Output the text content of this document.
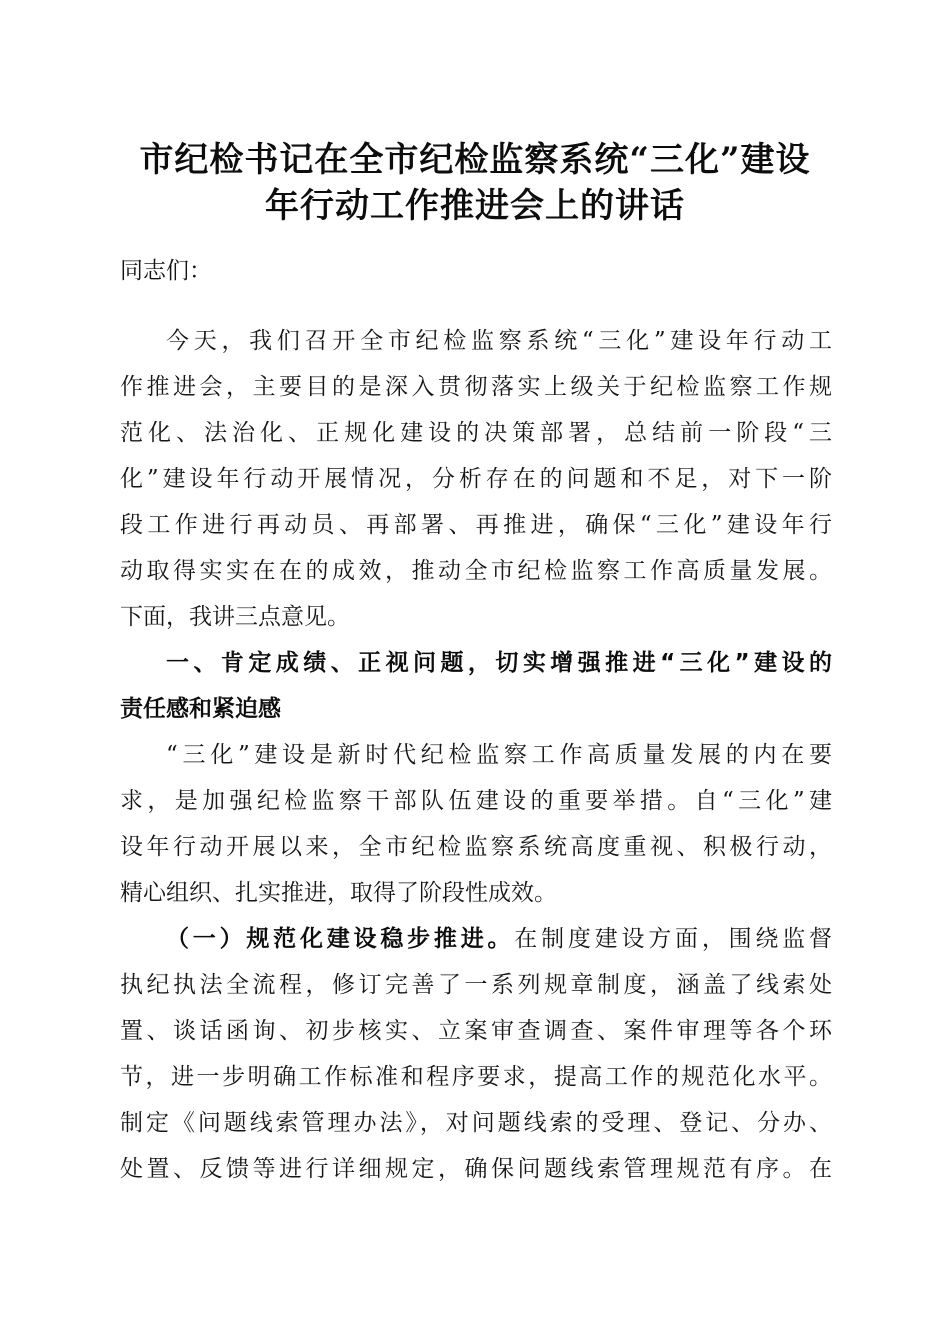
市纪检书记在全市纪检监察系统“三化”建设
年行动工作推进会上的讲话
同志们：
今天，我们召开全市纪检监察系统“三化”建设年行动工
作推进会，主要目的是深入贯彻落实上级关于纪检监察工作规
范化、法治化、正规化建设的决策部署，总结前一阶段“三
化”建设年行动开展情况，分析存在的问题和不足，对下一阶
段工作进行再动员、再部署、再推进，确保“三化”建设年行
动取得实实在在的成效，推动全市纪检监察工作高质量发展。
下面，我讲三点意见。
一、肯定成绩、正视问题，切实增强推进“三化”建设的
责任感和紧迫感
“三化”建设是新时代纪检监察工作高质量发展的内在要
求，是加强纪检监察干部队伍建设的重要举措。自“三化”建
设年行动开展以来，全市纪检监察系统高度重视、积极行动，
精心组织、扎实推进，取得了阶段性成效。
（一）规范化建设稳步推进。在制度建设方面，围绕监督
执纪执法全流程，修订完善了一系列规章制度，涵盖了线索处
置、谈话函询、初步核实、立案审查调查、案件审理等各个环
节，进一步明确工作标准和程序要求，提高工作的规范化水平。
制定《问题线索管理办法》，对问题线索的受理、登记、分办、
处置、反馈等进行详细规定，确保问题线索管理规范有序。在
